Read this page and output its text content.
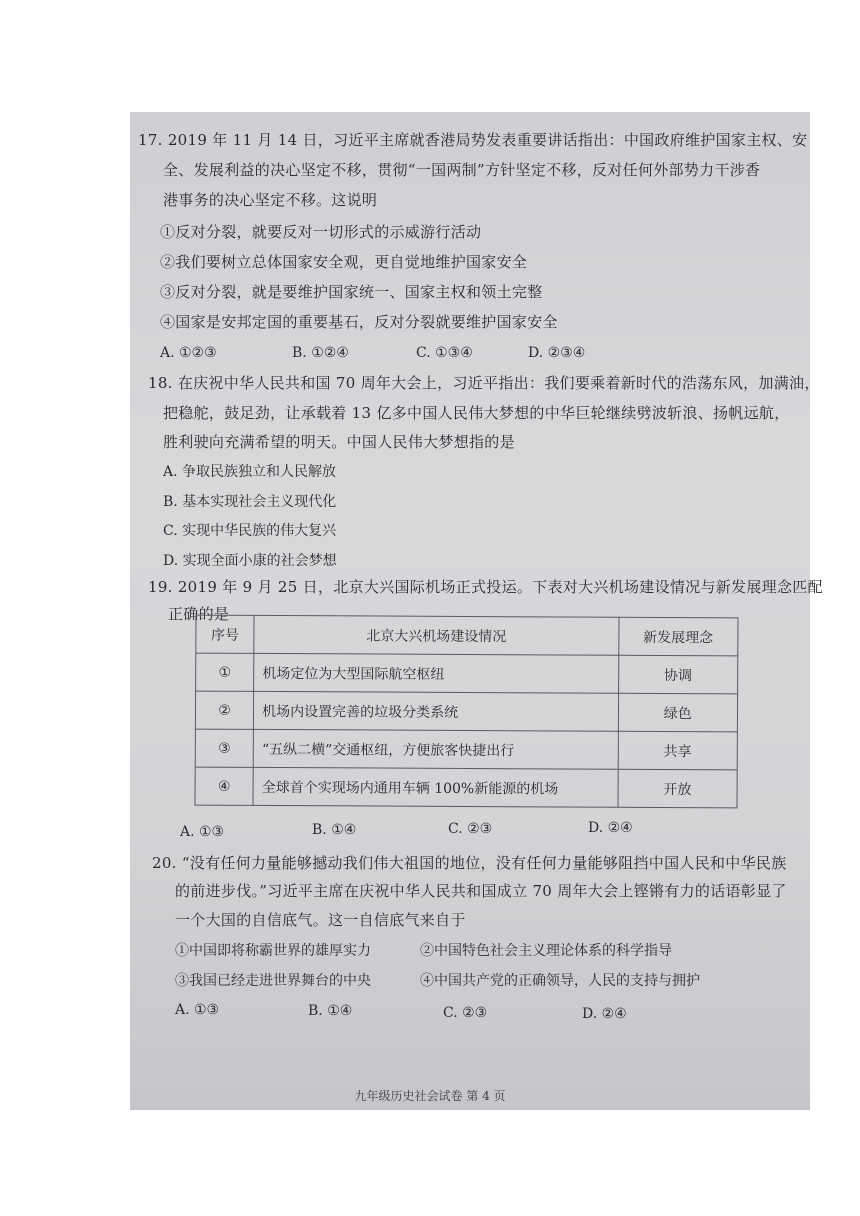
17. 2019 年 11 月 14 日，习近平主席就香港局势发表重要讲话指出：中国政府维护国家主权、安
全、发展利益的决心坚定不移，贯彻“一国两制”方针坚定不移，反对任何外部势力干涉香
港事务的决心坚定不移。这说明
①反对分裂，就要反对一切形式的示威游行活动
②我们要树立总体国家安全观，更自觉地维护国家安全
③反对分裂，就是要维护国家统一、国家主权和领土完整
④国家是安邦定国的重要基石，反对分裂就要维护国家安全
A. ①②③	B. ①②④	C. ①③④	D. ②③④
18. 在庆祝中华人民共和国 70 周年大会上，习近平指出：我们要乘着新时代的浩荡东风，加满油，
把稳舵，鼓足劲，让承载着 13 亿多中国人民伟大梦想的中华巨轮继续劈波斩浪、扬帆远航，
胜利驶向充满希望的明天。中国人民伟大梦想指的是
A. 争取民族独立和人民解放
B. 基本实现社会主义现代化
C. 实现中华民族的伟大复兴
D. 实现全面小康的社会梦想
19. 2019 年 9 月 25 日，北京大兴国际机场正式投运。下表对大兴机场建设情况与新发展理念匹配
正确的是
序号	北京大兴机场建设情况	新发展理念
①	机场定位为大型国际航空枢纽	协调
②	机场内设置完善的垃圾分类系统	绿色
③	“五纵二横”交通枢纽，方便旅客快捷出行	共享
④	全球首个实现场内通用车辆 100%新能源的机场	开放
A. ①③	B. ①④	C. ②③	D. ②④
20. “没有任何力量能够撼动我们伟大祖国的地位，没有任何力量能够阻挡中国人民和中华民族
的前进步伐。”习近平主席在庆祝中华人民共和国成立 70 周年大会上铿锵有力的话语彰显了
一个大国的自信底气。这一自信底气来自于
①中国即将称霸世界的雄厚实力	②中国特色社会主义理论体系的科学指导
③我国已经走进世界舞台的中央	④中国共产党的正确领导，人民的支持与拥护
A. ①③	B. ①④	C. ②③	D. ②④
九年级历史社会试卷 第 4 页
